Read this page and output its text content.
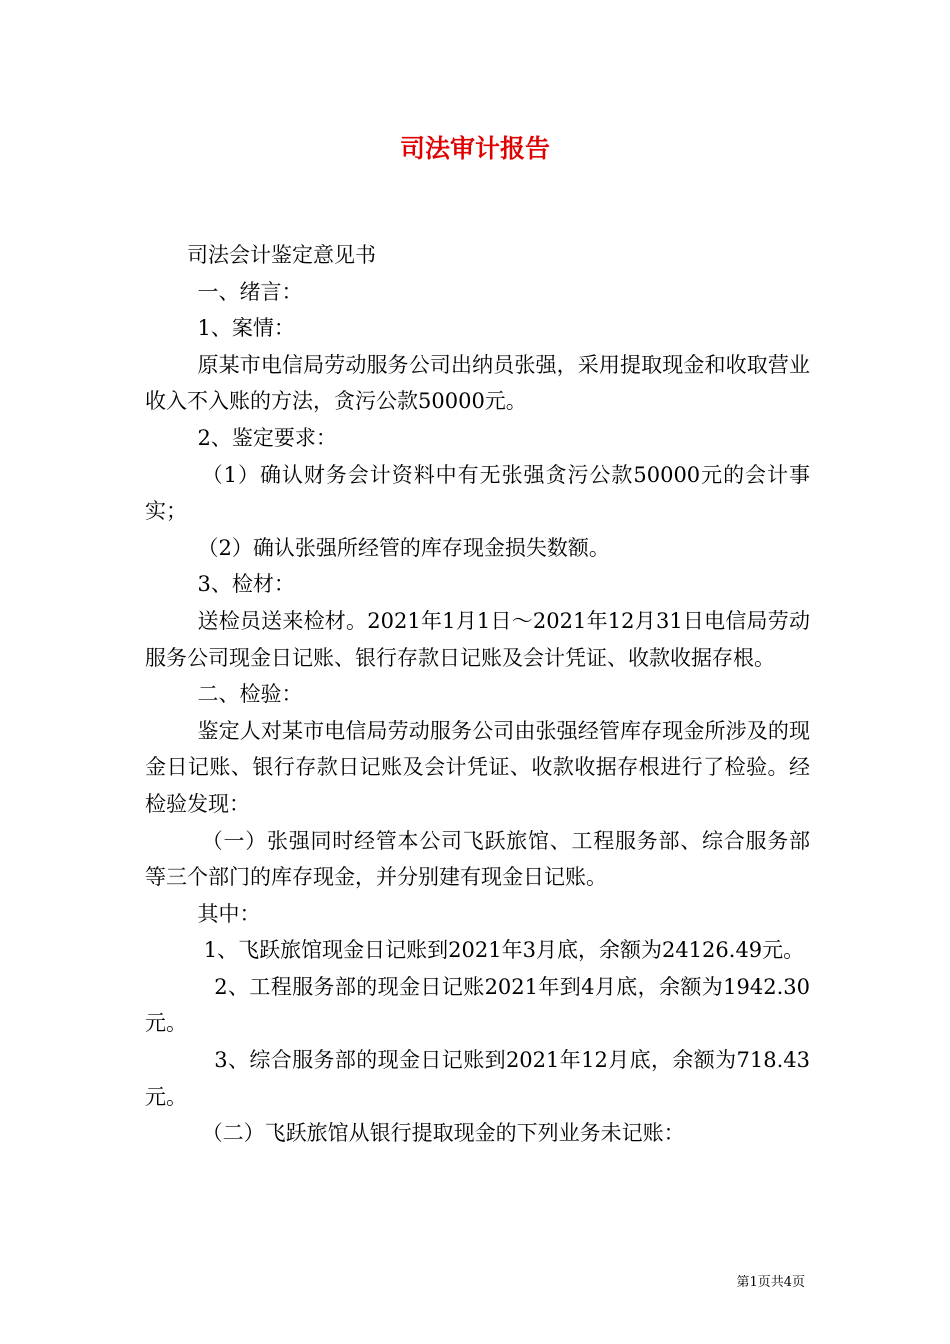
司法审计报告

司法会计鉴定意见书

一、绪言：

1、案情：

原某市电信局劳动服务公司出纳员张强，采用提取现金和收取营业收入不入账的方法，贪污公款50000元。

2、鉴定要求：

（1）确认财务会计资料中有无张强贪污公款50000元的会计事实；

（2）确认张强所经管的库存现金损失数额。

3、检材：

送检员送来检材。2021年1月1日～2021年12月31日电信局劳动服务公司现金日记账、银行存款日记账及会计凭证、收款收据存根。

二、检验：

鉴定人对某市电信局劳动服务公司由张强经管库存现金所涉及的现金日记账、银行存款日记账及会计凭证、收款收据存根进行了检验。经检验发现：

（一）张强同时经管本公司飞跃旅馆、工程服务部、综合服务部等三个部门的库存现金，并分别建有现金日记账。

其中：

1、飞跃旅馆现金日记账到2021年3月底，余额为24126.49元。

2、工程服务部的现金日记账2021年到4月底，余额为1942.30元。

3、综合服务部的现金日记账到2021年12月底，余额为718.43元。

（二）飞跃旅馆从银行提取现金的下列业务未记账：

第1页共4页
